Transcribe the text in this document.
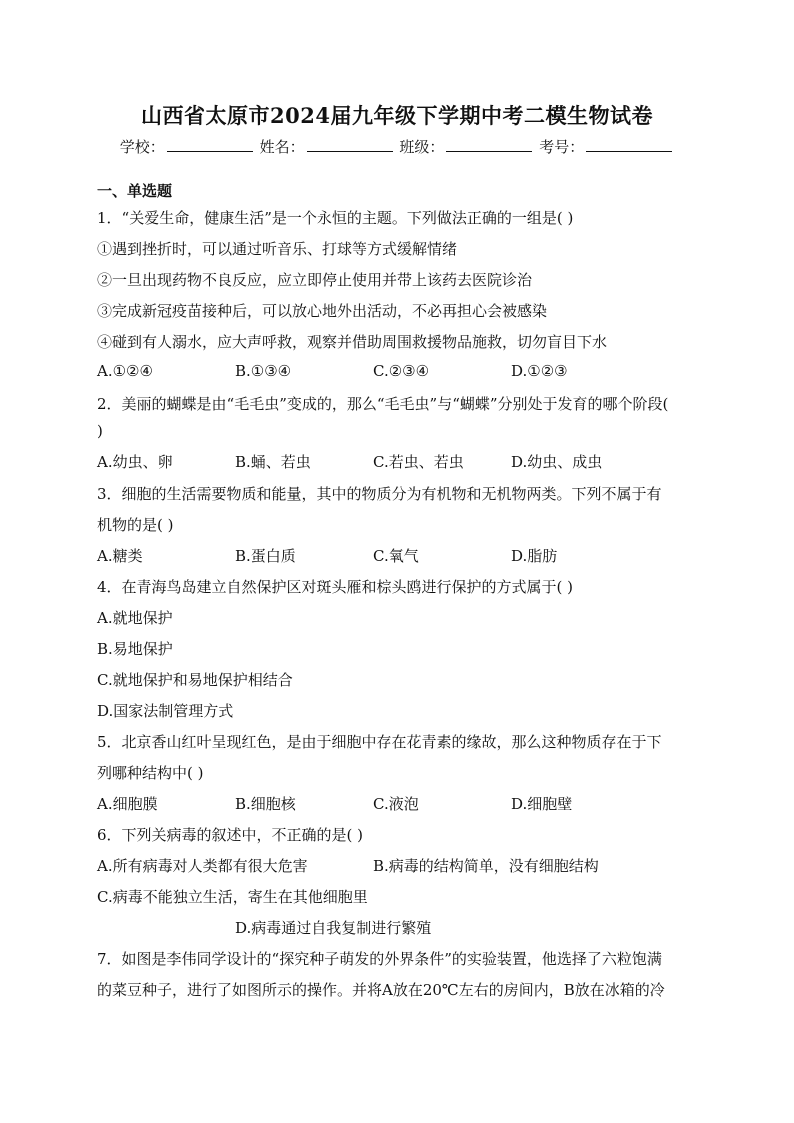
山西省太原市2024届九年级下学期中考二模生物试卷
学校：	姓名：	班级：	考号：
一、单选题
1．“关爱生命，健康生活”是一个永恒的主题。下列做法正确的一组是( )
①遇到挫折时，可以通过听音乐、打球等方式缓解情绪
②一旦出现药物不良反应，应立即停止使用并带上该药去医院诊治
③完成新冠疫苗接种后，可以放心地外出活动，不必再担心会被感染
④碰到有人溺水，应大声呼救，观察并借助周围救援物品施救，切勿盲目下水
A.①②④	B.①③④	C.②③④	D.①②③
2．美丽的蝴蝶是由“毛毛虫”变成的，那么“毛毛虫”与“蝴蝶”分别处于发育的哪个阶段(
)
A.幼虫、卵	B.蛹、若虫	C.若虫、若虫	D.幼虫、成虫
3．细胞的生活需要物质和能量，其中的物质分为有机物和无机物两类。下列不属于有
机物的是( )
A.糖类	B.蛋白质	C.氧气	D.脂肪
4．在青海鸟岛建立自然保护区对斑头雁和棕头鸥进行保护的方式属于( )
A.就地保护
B.易地保护
C.就地保护和易地保护相结合
D.国家法制管理方式
5．北京香山红叶呈现红色，是由于细胞中存在花青素的缘故，那么这种物质存在于下
列哪种结构中( )
A.细胞膜	B.细胞核	C.液泡	D.细胞壁
6．下列关病毒的叙述中，不正确的是( )
A.所有病毒对人类都有很大危害	B.病毒的结构简单，没有细胞结构
C.病毒不能独立生活，寄生在其他细胞里
D.病毒通过自我复制进行繁殖
7．如图是李伟同学设计的“探究种子萌发的外界条件”的实验装置，他选择了六粒饱满
的菜豆种子，进行了如图所示的操作。并将A放在20℃左右的房间内，B放在冰箱的冷
